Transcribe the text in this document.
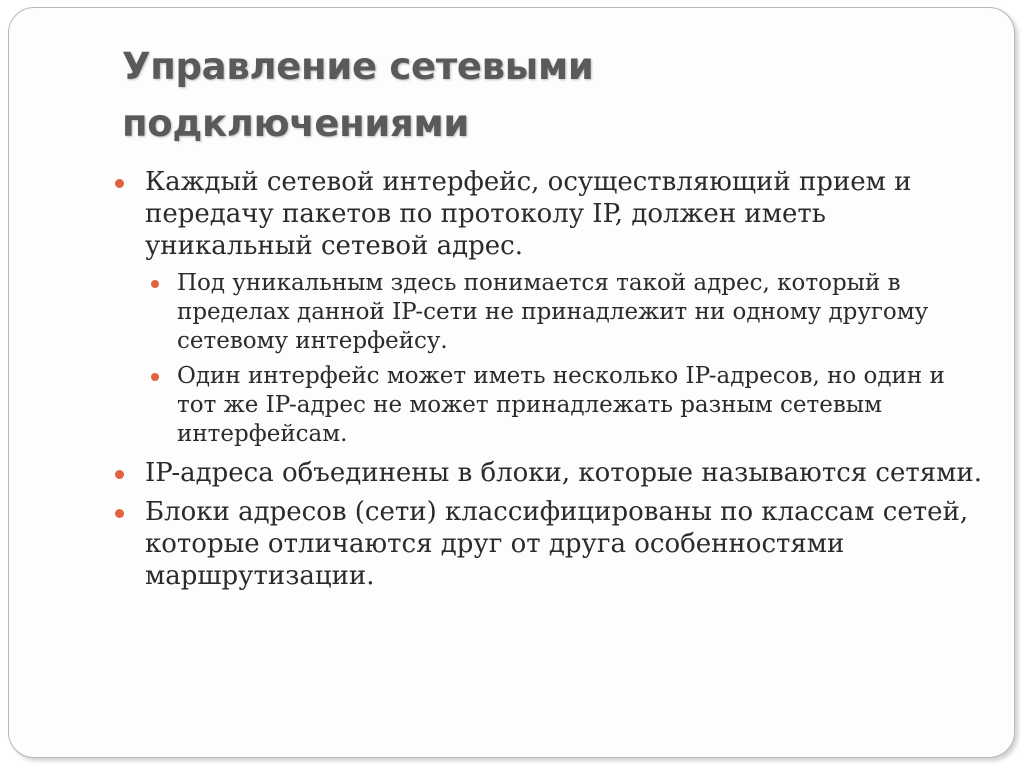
Управление сетевыми
подключениями
Каждый сетевой интерфейс, осуществляющий прием и передачу пакетов по протоколу IP, должен иметь уникальный сетевой адрес.
Под уникальным здесь понимается такой адрес, который в пределах данной IP-сети не принадлежит ни одному другому сетевому интерфейсу.
Один интерфейс может иметь несколько IP-адресов, но один и тот же IP-адрес не может принадлежать разным сетевым интерфейсам.
IP-адреса объединены в блоки, которые называются сетями.
Блоки адресов (сети) классифицированы по классам сетей, которые отличаются друг от друга особенностями маршрутизации.
